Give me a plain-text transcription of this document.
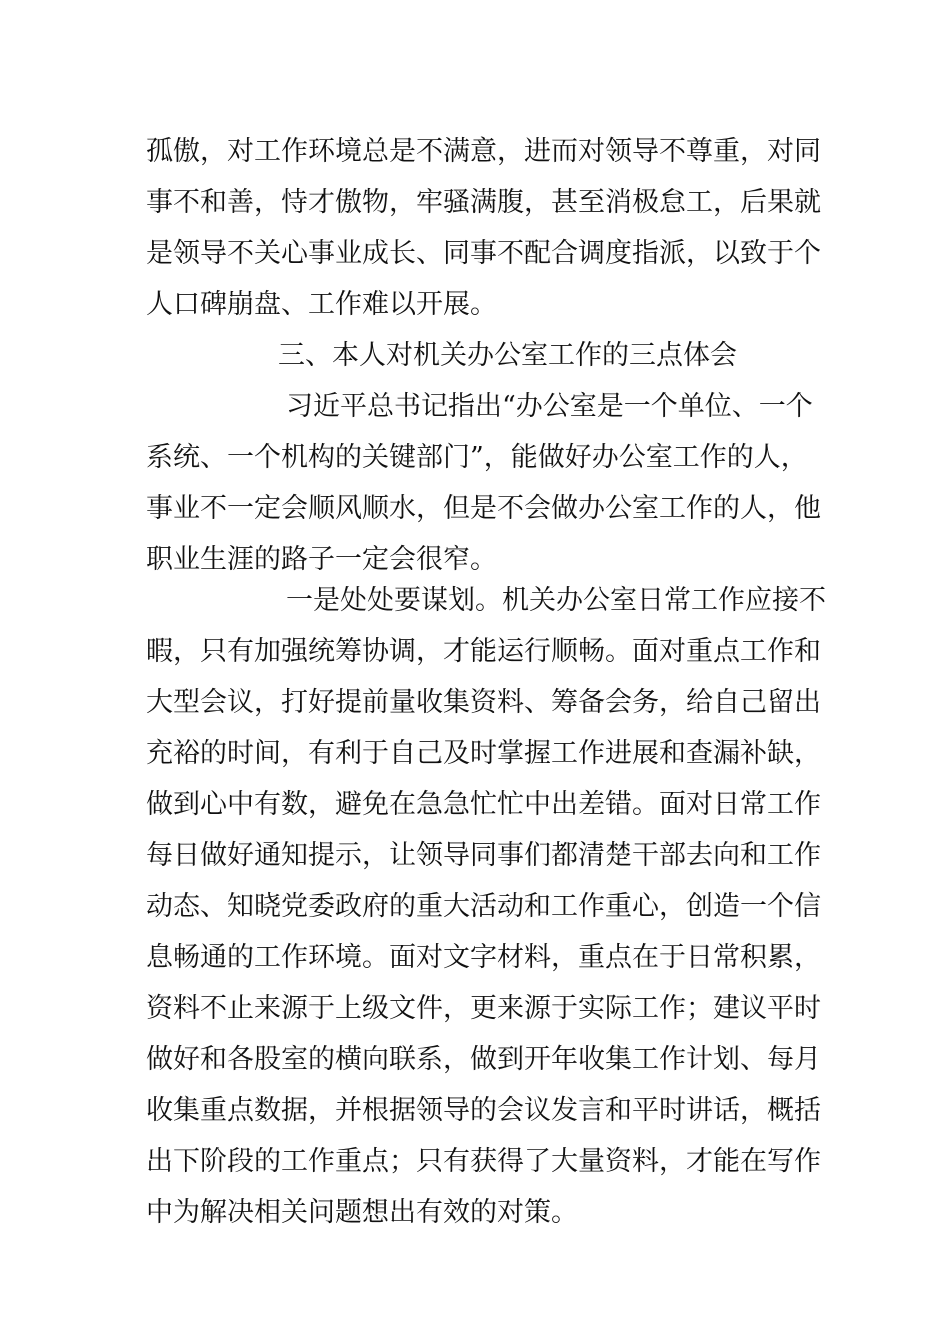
孤傲，对工作环境总是不满意，进而对领导不尊重，对同
事不和善，恃才傲物，牢骚满腹，甚至消极怠工，后果就
是领导不关心事业成长、同事不配合调度指派，以致于个
人口碑崩盘、工作难以开展。
三、本人对机关办公室工作的三点体会
习近平总书记指出“办公室是一个单位、一个
系统、一个机构的关键部门”，能做好办公室工作的人，
事业不一定会顺风顺水，但是不会做办公室工作的人，他
职业生涯的路子一定会很窄。
一是处处要谋划。机关办公室日常工作应接不
暇，只有加强统筹协调，才能运行顺畅。面对重点工作和
大型会议，打好提前量收集资料、筹备会务，给自己留出
充裕的时间，有利于自己及时掌握工作进展和查漏补缺，
做到心中有数，避免在急急忙忙中出差错。面对日常工作
每日做好通知提示，让领导同事们都清楚干部去向和工作
动态、知晓党委政府的重大活动和工作重心，创造一个信
息畅通的工作环境。面对文字材料，重点在于日常积累，
资料不止来源于上级文件，更来源于实际工作；建议平时
做好和各股室的横向联系，做到开年收集工作计划、每月
收集重点数据，并根据领导的会议发言和平时讲话，概括
出下阶段的工作重点；只有获得了大量资料，才能在写作
中为解决相关问题想出有效的对策。
